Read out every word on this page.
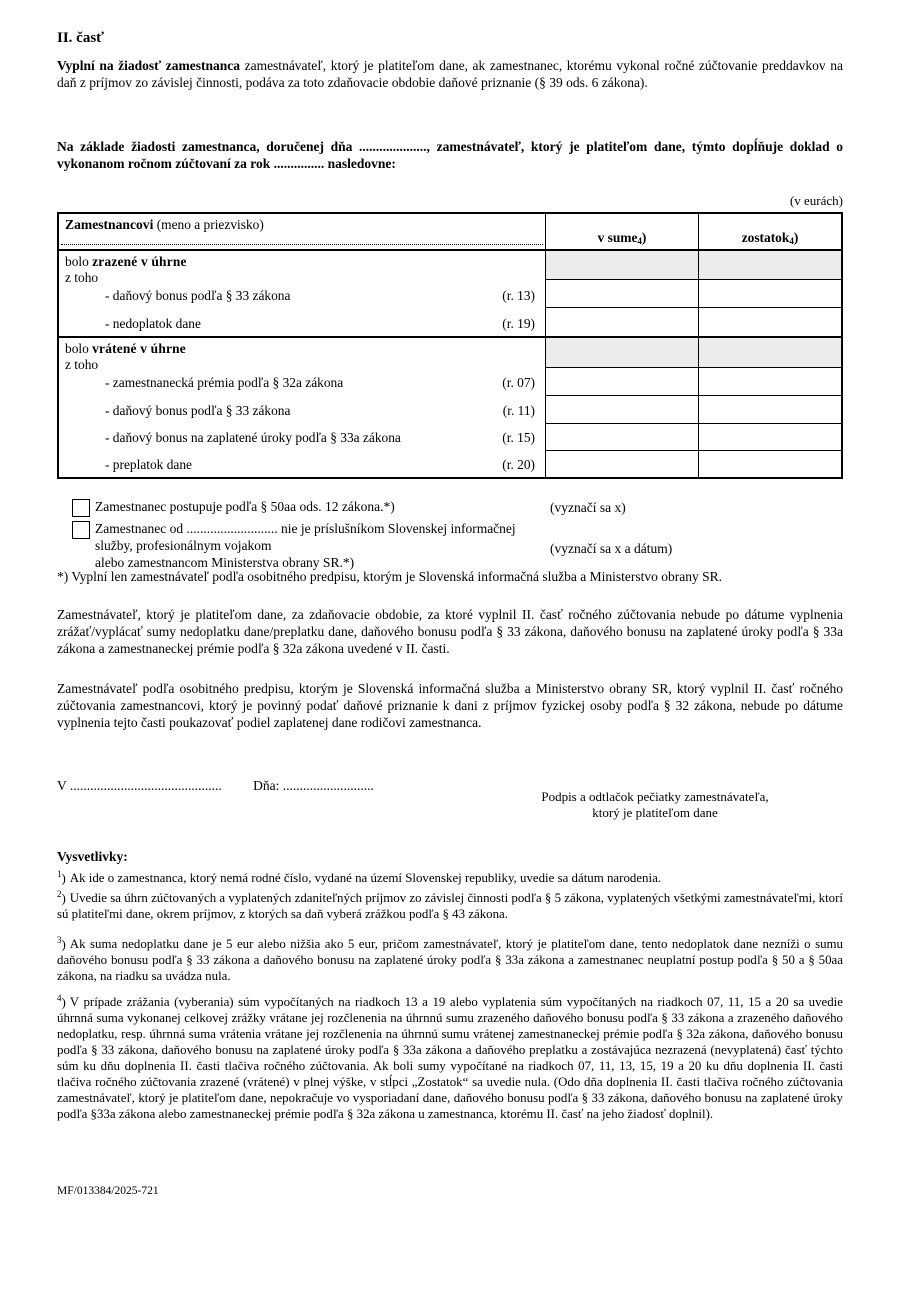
II. časť

Vyplní na žiadosť zamestnanca zamestnávateľ, ktorý je platiteľom dane, ak zamestnanec, ktorému vykonal ročné zúčtovanie preddavkov na daň z príjmov zo závislej činnosti, podáva za toto zdaňovacie obdobie daňové priznanie (§ 39 ods. 6 zákona).

Na základe žiadosti zamestnanca, doručenej dňa ...................., zamestnávateľ, ktorý je platiteľom dane, týmto dopĺňuje doklad o vykonanom ročnom zúčtovaní za rok ............... nasledovne:

(v eurách)
Zamestnancovi (meno a priezvisko)
v sume$_4$ )	zostatok$_4$ )
bolo zrazené v úhrne
z toho
- daňový bonus podľa § 33 zákona	(r. 13)
- nedoplatok dane	(r. 19)
bolo vrátené v úhrne
z toho
- zamestnanecká prémia podľa § 32a zákona	(r. 07)
- daňový bonus podľa § 33 zákona	(r. 11)
- daňový bonus na zaplatené úroky podľa § 33a zákona	(r. 15)
- preplatok dane	(r. 20)
Zamestnanec postupuje podľa § 50aa ods. 12 zákona.*)	(vyznačí sa x)
Zamestnanec od ........................... nie je príslušníkom Slovenskej informačnej služby, profesionálnym vojakom
alebo zamestnancom Ministerstva obrany SR.*)
(vyznačí sa x a dátum)

*) Vyplní len zamestnávateľ podľa osobitného predpisu, ktorým je Slovenská informačná služba a Ministerstvo obrany SR.

Zamestnávateľ, ktorý je platiteľom dane, za zdaňovacie obdobie, za ktoré vyplnil II. časť ročného zúčtovania nebude po dátume vyplnenia zrážať/vyplácať sumy nedoplatku dane/preplatku dane, daňového bonusu podľa § 33 zákona, daňového bonusu na zaplatené úroky podľa § 33a zákona a zamestnaneckej prémie podľa § 32a zákona uvedené v II. časti.

Zamestnávateľ podľa osobitného predpisu, ktorým je Slovenská informačná služba a Ministerstvo obrany SR, ktorý vyplnil II. časť ročného zúčtovania zamestnancovi, ktorý je povinný podať daňové priznanie k dani z príjmov fyzickej osoby podľa § 32 zákona, nebude po dátume vyplnenia tejto časti poukazovať podiel zaplatenej dane rodičovi zamestnanca.

V ............................................. Dňa: ...........................
Podpis a odtlačok pečiatky zamestnávateľa,
ktorý je platiteľom dane
Vysvetlivky:

$^1$) Ak ide o zamestnanca, ktorý nemá rodné číslo, vydané na území Slovenskej republiky, uvedie sa dátum narodenia.

$^2$) Uvedie sa úhrn zúčtovaných a vyplatených zdaniteľných príjmov zo závislej činnosti podľa § 5 zákona, vyplatených všetkými zamestnávateľmi, ktorí sú platiteľmi dane, okrem príjmov, z ktorých sa daň vyberá zrážkou podľa § 43 zákona.

$^3$) Ak suma nedoplatku dane je 5 eur alebo nižšia ako 5 eur, pričom zamestnávateľ, ktorý je platiteľom dane, tento nedoplatok dane nezníži o sumu daňového bonusu podľa § 33 zákona a daňového bonusu na zaplatené úroky podľa § 33a zákona a zamestnanec neuplatní postup podľa § 50 a § 50aa zákona, na riadku sa uvádza nula.

$^4$) V prípade zrážania (vyberania) súm vypočítaných na riadkoch 13 a 19 alebo vyplatenia súm vypočítaných na riadkoch 07, 11, 15 a 20 sa uvedie úhrnná suma vykonanej celkovej zrážky vrátane jej rozčlenenia na úhrnnú sumu zrazeného daňového bonusu podľa § 33 zákona a zrazeného daňového nedoplatku, resp. úhrnná suma vrátenia vrátane jej rozčlenenia na úhrnnú sumu vrátenej zamestnaneckej prémie podľa § 32a zákona, daňového bonusu podľa § 33 zákona, daňového bonusu na zaplatené úroky podľa § 33a zákona a daňového preplatku a zostávajúca nezrazená (nevyplatená) časť týchto súm ku dňu doplnenia II. časti tlačiva ročného zúčtovania. Ak boli sumy vypočítané na riadkoch 07, 11, 13, 15, 19 a 20 ku dňu doplnenia II. časti tlačiva ročného zúčtovania zrazené (vrátené) v plnej výške, v stĺpci „Zostatok“ sa uvedie nula. (Odo dňa doplnenia II. časti tlačiva ročného zúčtovania zamestnávateľ, ktorý je platiteľom dane, nepokračuje vo vysporiadaní dane, daňového bonusu podľa § 33 zákona, daňového bonusu na zaplatené úroky podľa §33a zákona alebo zamestnaneckej prémie podľa § 32a zákona u zamestnanca, ktorému II. časť na jeho žiadosť doplnil).

MF/013384/2025-721
